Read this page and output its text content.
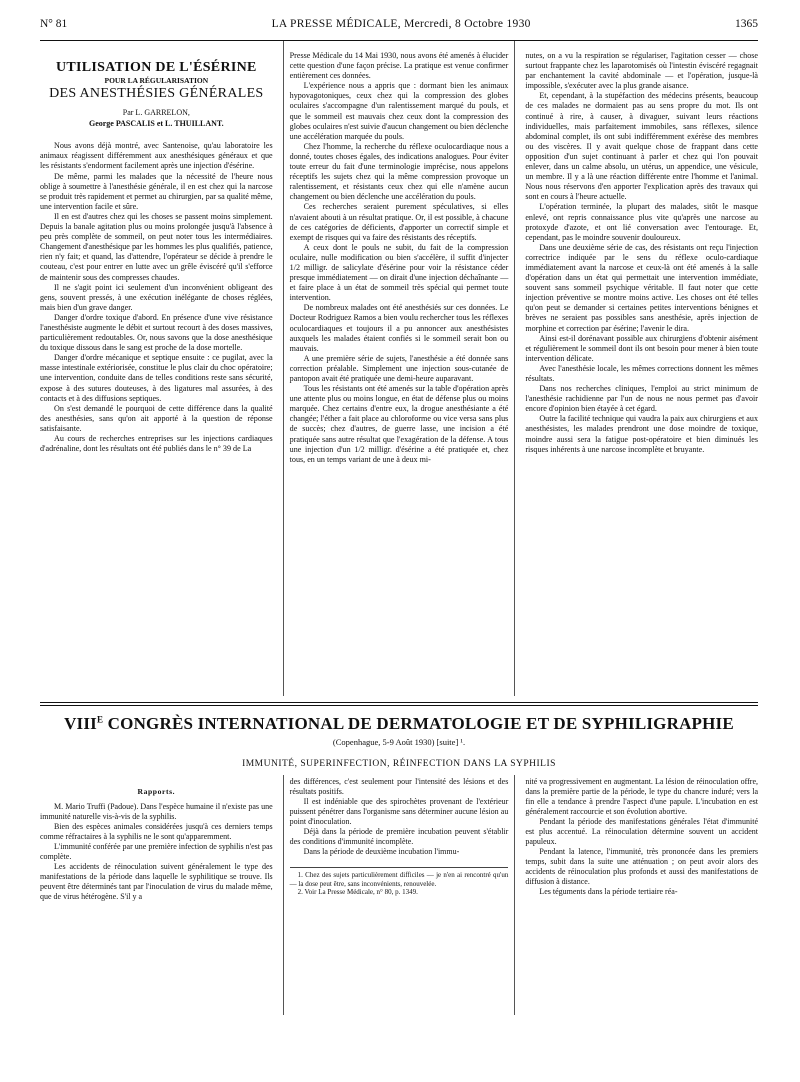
N° 81	LA PRESSE MÉDICALE, Mercredi, 8 Octobre 1930	1365
UTILISATION DE L'ÉSÉRINE
POUR LA RÉGULARISATION
DES ANESTHÉSIES GÉNÉRALES
Par L. GARRELON,
George PASCALIS et L. THUILLANT.

Nous avons déjà montré, avec Santenoise, qu'au laboratoire les animaux réagissent différemment aux anesthésiques généraux et que les résistants s'endorment facilement après une injection d'ésérine.

De même, parmi les malades que la nécessité de l'heure nous oblige à soumettre à l'anesthésie générale, il en est chez qui la narcose se produit très rapidement et permet au chirurgien, par sa qualité même, une intervention facile et sûre.

Il en est d'autres chez qui les choses se passent moins simplement. Depuis la banale agitation plus ou moins prolongée jusqu'à l'absence à peu près complète de sommeil, on peut noter tous les intermédiaires. Changement d'anesthésique par les hommes les plus qualifiés, patience, rien n'y fait; et quand, las d'attendre, l'opérateur se décide à prendre le couteau, c'est pour entrer en lutte avec un grêle éviscéré qu'il s'efforce de maintenir sous des compresses chaudes.

Il ne s'agit point ici seulement d'un inconvénient obligeant des gens, souvent pressés, à une exécution inélégante de choses réglées, mais bien d'un grave danger.

Danger d'ordre toxique d'abord. En présence d'une vive résistance l'anesthésiste augmente le débit et surtout recourt à des doses massives, particulièrement redoutables. Or, nous savons que la dose anesthésique du toxique dissous dans le sang est proche de la dose mortelle.

Danger d'ordre mécanique et septique ensuite : ce pugilat, avec la masse intestinale extériorisée, constitue le plus clair du choc opératoire; une intervention, conduite dans de telles conditions reste sans sécurité, expose à des sutures douteuses, à des ligatures mal assurées, à des contacts et à des diffusions septiques.

On s'est demandé le pourquoi de cette différence dans la qualité des anesthésies, sans qu'on ait apporté à la question de réponse satisfaisante.

Au cours de recherches entreprises sur les injections cardiaques d'adrénaline, dont les résultats ont été publiés dans le n° 39 de La

Presse Médicale du 14 Mai 1930, nous avons été amenés à élucider cette question d'une façon précise. La pratique est venue confirmer entièrement ces données.

L'expérience nous a appris que : dormant bien les animaux hypovagotoniques, ceux chez qui la compression des globes oculaires s'accompagne d'un ralentissement marqué du pouls, et que le sommeil est mauvais chez ceux dont la compression des globes oculaires n'est suivie d'aucun changement ou bien déclenche une accélération marquée du pouls.

Chez l'homme, la recherche du réflexe oculocardiaque nous a donné, toutes choses égales, des indications analogues. Pour éviter toute erreur du fait d'une terminologie imprécise, nous appelons réceptifs les sujets chez qui la même compression provoque un ralentissement, et résistants ceux chez qui elle n'amène aucun changement ou bien déclenche une accélération du pouls.

Ces recherches seraient purement spéculatives, si elles n'avaient abouti à un résultat pratique. Or, il est possible, à chacune de ces catégories de déficients, d'apporter un correctif simple et exempt de risques qui va faire des résistants des réceptifs.

A ceux dont le pouls ne subit, du fait de la compression oculaire, nulle modification ou bien s'accélère, il suffit d'injecter 1/2 milligr. de salicylate d'ésérine pour voir la résistance céder presque immédiatement — on dirait d'une injection déchaînante — et faire place à un état de sommeil très spécial qui permet toute intervention.

De nombreux malades ont été anesthésiés sur ces données. Le Docteur Rodriguez Ramos a bien voulu rechercher tous les réflexes oculocardiaques et toujours il a pu annoncer aux anesthésistes auxquels les malades étaient confiés si le sommeil serait bon ou mauvais.

A une première série de sujets, l'anesthésie a été donnée sans correction préalable. Simplement une injection sous-cutanée de pantopon avait été pratiquée une demi-heure auparavant.

Tous les résistants ont été amenés sur la table d'opération après une attente plus ou moins longue, en état de défense plus ou moins marquée. Chez certains d'entre eux, la drogue anesthésiante a été changée; l'éther a fait place au chloroforme ou vice versa sans plus de succès; chez d'autres, de guerre lasse, une incision a été pratiquée sans autre résultat que l'exagération de la défense. A tous une injection d'un 1/2 milligr. d'ésérine a été pratiquée et, chez tous, en un temps variant de une à deux mi-

nutes, on a vu la respiration se régulariser, l'agitation cesser — chose surtout frappante chez les laparotomisés où l'intestin éviscéré regagnait par enchantement la cavité abdominale — et l'opération, jusque-là impossible, s'exécuter avec la plus grande aisance.

Et, cependant, à la stupéfaction des médecins présents, beaucoup de ces malades ne dormaient pas au sens propre du mot. Ils ont continué à rire, à causer, à divaguer, suivant leurs réactions individuelles, mais parfaitement immobiles, sans réflexes, silence abdominal complet, ils ont subi indifféremment exérèse des membres ou des viscères. Il y avait quelque chose de frappant dans cette opposition d'un sujet continuant à parler et chez qui l'on pouvait enlever, dans un calme absolu, un utérus, un appendice, une vésicule, un membre. Il y a là une réaction différente entre l'homme et l'animal. Nous nous réservons d'en apporter l'explication après des travaux qui sont en cours à l'heure actuelle.

L'opération terminée, la plupart des malades, sitôt le masque enlevé, ont repris connaissance plus vite qu'après une narcose au protoxyde d'azote, et ont lié conversation avec l'entourage. Et, cependant, pas le moindre souvenir douloureux.

Dans une deuxième série de cas, des résistants ont reçu l'injection correctrice indiquée par le sens du réflexe oculo-cardiaque immédiatement avant la narcose et ceux-là ont été amenés à la salle d'opération dans un état qui permettait une intervention immédiate, souvent sans sommeil psychique véritable. Il faut noter que cette injection préventive se montre moins active. Les choses ont été telles qu'on peut se demander si certaines petites interventions bénignes et brèves ne seraient pas possibles sans anesthésie, après injection de morphine et correction par ésérine; l'avenir le dira.

Ainsi est-il dorénavant possible aux chirurgiens d'obtenir aisément et régulièrement le sommeil dont ils ont besoin pour mener à bien toute intervention délicate.

Avec l'anesthésie locale, les mêmes corrections donnent les mêmes résultats.

Dans nos recherches cliniques, l'emploi au strict minimum de l'anesthésie rachidienne par l'un de nous ne nous permet pas d'avoir encore d'opinion bien étayée à cet égard.

Outre la facilité technique qui vaudra la paix aux chirurgiens et aux anesthésistes, les malades prendront une dose moindre de toxique, moindre aussi sera la fatigue post-opératoire et bien diminués les risques inhérents à une narcose incomplète et bruyante.

$VIII^E$ CONGRÈS INTERNATIONAL DE DERMATOLOGIE ET DE SYPHILIGRAPHIE
(Copenhague, 5-9 Août 1930) [suite] ¹.
IMMUNITÉ, SUPERINFECTION, RÉINFECTION DANS LA SYPHILIS
Rapports.

M. Mario Truffi (Padoue). Dans l'espèce humaine il n'existe pas une immunité naturelle vis-à-vis de la syphilis.

Bien des espèces animales considérées jusqu'à ces derniers temps comme réfractaires à la syphilis ne le sont qu'apparemment.

L'immunité conférée par une première infection de syphilis n'est pas complète.

Les accidents de réinoculation suivent généralement le type des manifestations de la période dans laquelle le syphilitique se trouve. Ils peuvent être déterminés tant par l'inoculation de virus du malade même, que de virus hétérogène. S'il y a

des différences, c'est seulement pour l'intensité des lésions et des résultats positifs.

Il est indéniable que des spirochètes provenant de l'extérieur puissent pénétrer dans l'organisme sans déterminer aucune lésion au point d'inoculation.

Déjà dans la période de première incubation peuvent s'établir des conditions d'immunité incomplète.

Dans la période de deuxième incubation l'immu-

1. Chez des sujets particulièrement difficiles — je n'en ai rencontré qu'un — la dose peut être, sans inconvénients, renouvelée.

2. Voir La Presse Médicale, n° 80, p. 1349.

nité va progressivement en augmentant. La lésion de réinoculation offre, dans la première partie de la période, le type du chancre induré; vers la fin elle a tendance à prendre l'aspect d'une papule. L'incubation en est généralement raccourcie et son évolution abortive.

Pendant la période des manifestations générales l'état d'immunité est plus accentué. La réinoculation détermine souvent un accident papuleux.

Pendant la latence, l'immunité, très prononcée dans les premiers temps, subit dans la suite une atténuation ; on peut avoir alors des accidents de réinoculation plus profonds et aussi des manifestations de diffusion à distance.

Les téguments dans la période tertiaire réa-
